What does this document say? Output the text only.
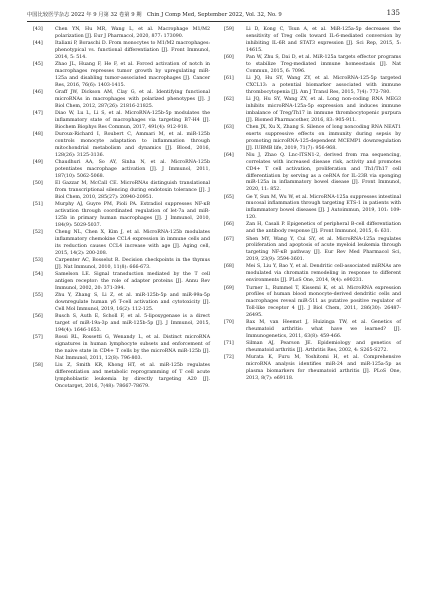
中国比较医学杂志 2022 年 9 月第 32 卷第 9 期　Chin J Comp Med, September 2022, Vol. 32, No. 9	135
[43]	Chen YN, Hu MR, Wang L, et al. Macrophage M1/M2 polarization [J]. Eur J Pharmacol, 2020, 877: 173090.
[44]	Italiani P, Boraschi D. From monocytes to M1/M2 macrophages: phenotypical vs. functional differentiation [J]. Front Immunol, 2014, 5: 514.
[45]	Zhao JL, Huang F, He F, et al. Forced activation of notch in macrophages represses tumor growth by upregulating miR-125a and disabling tumor-associated macrophages [J]. Cancer Res, 2016, 76(6): 1403-1415.
[46]	Graff JW, Dickson AM, Clay G, et al. Identifying functional microRNAs in macrophages with polarized phenotypes [J]. J Biol Chem, 2012, 287(26): 21816-21825.
[47]	Diao W, Lu L, Li S, et al. MicroRNA-125b-5p modulates the inflammatory state of macrophages via targeting B7-H4 [J]. Biochem Biophys Res Commun, 2017, 491(4): 912-918.
[48]	Duroux-Richard I, Roubert C, Ammari M, et al. miR-125b controls monocyte adaptation to inflammation through mitochondrial metabolism and dynamics [J]. Blood, 2016, 128(26): 3125-3136.
[49]	Chaudhuri AA, So AY, Sinha N, et al. MicroRNA-125b potentiates macrophage activation [J]. J Immunol, 2011, 187(10): 5062-5068.
[50]	El Gazzar M, McCall CE. MicroRNAs distinguish translational from transcriptional silencing during endotoxin tolerance [J]. J Biol Chem, 2010, 285(27): 20940-20951.
[51]	Murphy AJ, Guyre PM, Pioli PA. Estradiol suppresses NF-κB activation through coordinated regulation of let-7a and miR-125b in primary human macrophages [J]. J Immunol, 2010, 184(9): 5029-5037.
[52]	Cheng NL, Chen X, Kim J, et al. MicroRNA-125b modulates inflammatory chemokine CCL4 expression in immune cells and its reduction causes CCL4 increase with age [J]. Aging cell, 2015, 14(2): 200-208.
[53]	Carpenter AC, Bosselut R. Decision checkpoints in the thymus [J]. Nat Immunol, 2010, 11(8): 666-673.
[54]	Samelson LE. Signal transduction mediated by the T cell antigen receptor: the role of adapter proteins [J]. Annu Rev Immunol, 2002, 20: 371-394.
[55]	Zhu Y, Zhang S, Li Z, et al. miR-125b-5p and miR-99a-5p downregulate human γδ T-cell activation and cytotoxicity [J]. Cell Mol Immunol, 2019, 16(2): 112-125.
[56]	Busch S, Auth E, Scholl F, et al. 5-lipoxygenase is a direct target of miR-19a-3p and miR-125b-5p [J]. J Immunol, 2015, 194(4): 1646-1653.
[57]	Rossi RL, Rossetti G, Wenandy L, et al. Distinct microRNA signatures in human lymphocyte subsets and enforcement of the naive state in CD4+ T cells by the microRNA miR-125b [J]. Nat Immunol, 2011, 12(8): 796-803.
[58]	Liu Z, Smith KR, Khong HT, et al. miR-125b regulates differentiation and metabolic reprogramming of T cell acute lymphoblastic leukemia by directly targeting A20 [J]. Oncotarget, 2016, 7(48): 78667-78679.
[59]	Li D, Kong C, Tsun A, et al. MiR-125a-5p decreases the sensitivity of Treg cells toward IL-6-mediated conversion by inhibiting IL-6R and STAT3 expression [J]. Sci Rep, 2015, 5: 14615.
[60]	Pan W, Zhu S, Dai D, et al. MiR-125a targets effector programs to stabilize Treg-mediated immune homeostasis [J]. Nat Commun, 2015, 6: 7096.
[61]	Li JQ, Hu SY, Wang ZY, et al. MicroRNA-125-5p targeted CXCL13: a potential biomarker associated with immune thrombocytopenia [J]. Am J Transl Res, 2015, 7(4): 772-780.
[62]	Li JQ, Hu SY, Wang ZY, et al. Long non-coding RNA MEG3 inhibits microRNA-125a-5p expression and induces immune imbalance of Treg/Th17 in immune thrombocytopenic purpura [J]. Biomed Pharmacother, 2016, 83: 905-911.
[63]	Chen JX, Xu X, Zhang S. Silence of long noncoding RNA NEAT1 exerts suppressive effects on immunity during sepsis by promoting microRNA-125-dependent MCEMP1 downregulation [J]. IUBMB life, 2019, 71(7): 956-968.
[64]	Niu J, Zhao Q. Lnc-ITSN1-2, derived from rna sequencing, correlates with increased disease risk, activity and promotes CD4+ T cell activation, proliferation and Th1/Th17 cell differentiation by serving as a ceRNA for IL-23R via sponging miR-125a in inflammatory bowel disease [J]. Front Immunol, 2020, 11: 852.
[65]	Ge Y, Sun M, Wu W, et al. MicroRNA-125a suppresses intestinal mucosal inflammation through targeting ETS-1 in patients with inflammatory bowel diseases [J]. J Autoimmun, 2019, 101: 109-120.
[66]	Zan H, Casali P. Epigenetics of peripheral B-cell differentiation and the antibody response [J]. Front Immunol, 2015, 6: 631.
[67]	Shen MY, Wang Y, Cui SY, et al. MicroRNA-125a regulates proliferation and apoptosis of acute myeloid leukemia through targeting NF-κB pathway [J]. Eur Rev Med Pharmacol Sci, 2019, 23(9): 3594-3601.
[68]	Mei S, Liu Y, Bao Y, et al. Dendritic cell-associated miRNAs are modulated via chromatin remodeling in response to different environments [J]. PLoS One, 2014, 9(4): e90231.
[69]	Turner L, Rummel T, Kissemi K, et al. MicroRNA expression profiles of human blood monocyte-derived dendritic cells and macrophages reveal miR-511 as putative positive regulator of Toll-like receptor 4 [J]. J Biol Chem, 2011, 286(30): 26487-26495.
[70]	Bax M, van Heemst J, Huizinga TW, et al. Genetics of rheumatoid arthritis: what have we learned? [J]. Immunogenetics, 2011, 63(8): 459-466.
[71]	Silman AJ, Pearson JE. Epidemiology and genetics of rheumatoid arthritis [J]. Arthritis Res, 2002, 4: S265-S272.
[72]	Murata K, Furu M, Yoshitomi H, et al. Comprehensive microRNA analysis identifies miR-24 and miR-125a-5p as plasma biomarkers for rheumatoid arthritis [J]. PLoS One, 2013, 8(7): e69118.
